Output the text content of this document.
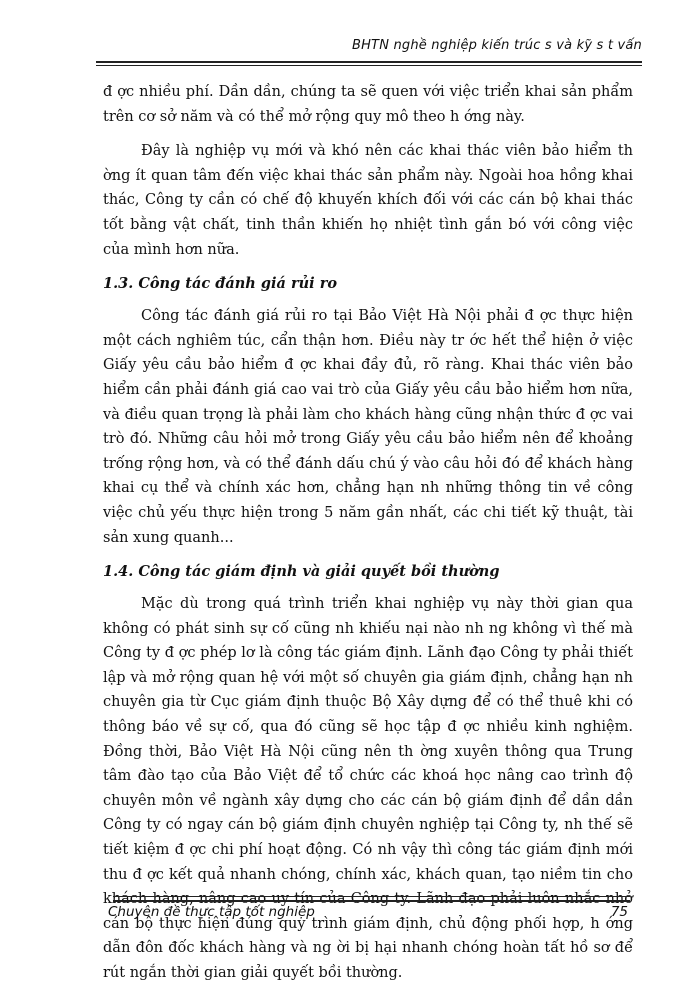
BHTN nghề nghiệp kiến trúc s và kỹ s t vấn

đ ợc nhiều phí. Dần dần, chúng ta sẽ quen với việc triển khai sản phẩm trên cơ sở năm và có thể mở rộng quy mô theo h ớng này.

Đây là nghiệp vụ mới và khó nên các khai thác viên bảo hiểm th ờng ít quan tâm đến việc khai thác sản phẩm này. Ngoài hoa hồng khai thác, Công ty cần có chế độ khuyến khích đối với các cán bộ khai thác tốt bằng vật chất, tinh thần khiến họ nhiệt tình gắn bó với công việc của mình hơn nữa.

1.3. Công tác đánh giá rủi ro

Công tác đánh giá rủi ro tại Bảo Việt Hà Nội phải đ ợc thực hiện một cách nghiêm túc, cẩn thận hơn. Điều này tr ớc hết thể hiện ở việc Giấy yêu cầu bảo hiểm đ ợc khai đầy đủ, rõ ràng. Khai thác viên bảo hiểm cần phải đánh giá cao vai trò của Giấy yêu cầu bảo hiểm hơn nữa, và điều quan trọng là phải làm cho khách hàng cũng nhận thức đ ợc vai trò đó. Những câu hỏi mở trong Giấy yêu cầu bảo hiểm nên để khoảng trống rộng hơn, và có thể đánh dấu chú ý vào câu hỏi đó để khách hàng khai cụ thể và chính xác hơn, chẳng hạn nh những thông tin về công việc chủ yếu thực hiện trong 5 năm gần nhất, các chi tiết kỹ thuật, tài sản xung quanh...

1.4. Công tác giám định và giải quyết bồi thường

Mặc dù trong quá trình triển khai nghiệp vụ này thời gian qua không có phát sinh sự cố cũng nh khiếu nại nào nh ng không vì thế mà Công ty đ ợc phép lơ là công tác giám định. Lãnh đạo Công ty phải thiết lập và mở rộng quan hệ với một số chuyên gia giám định, chẳng hạn nh chuyên gia từ Cục giám định thuộc Bộ Xây dựng để có thể thuê khi có thông báo về sự cố, qua đó cũng sẽ học tập đ ợc nhiều kinh nghiệm. Đồng thời, Bảo Việt Hà Nội cũng nên th ờng xuyên thông qua Trung tâm đào tạo của Bảo Việt để tổ chức các khoá học nâng cao trình độ chuyên môn về ngành xây dựng cho các cán bộ giám định để dần dần Công ty có ngay cán bộ giám định chuyên nghiệp tại Công ty, nh thế sẽ tiết kiệm đ ợc chi phí hoạt động. Có nh vậy thì công tác giám định mới thu đ ợc kết quả nhanh chóng, chính xác, khách quan, tạo niềm tin cho khách hàng, nâng cao uy tín của Công ty. Lãnh đạo phải luôn nhắc nhở cán bộ thực hiện đúng quy trình giám định, chủ động phối hợp, h ớng dẫn đôn đốc khách hàng và ng ời bị hại nhanh chóng hoàn tất hồ sơ để rút ngắn thời gian giải quyết bồi thường.

Chuyên đề thực tập tốt nghiệp	75
